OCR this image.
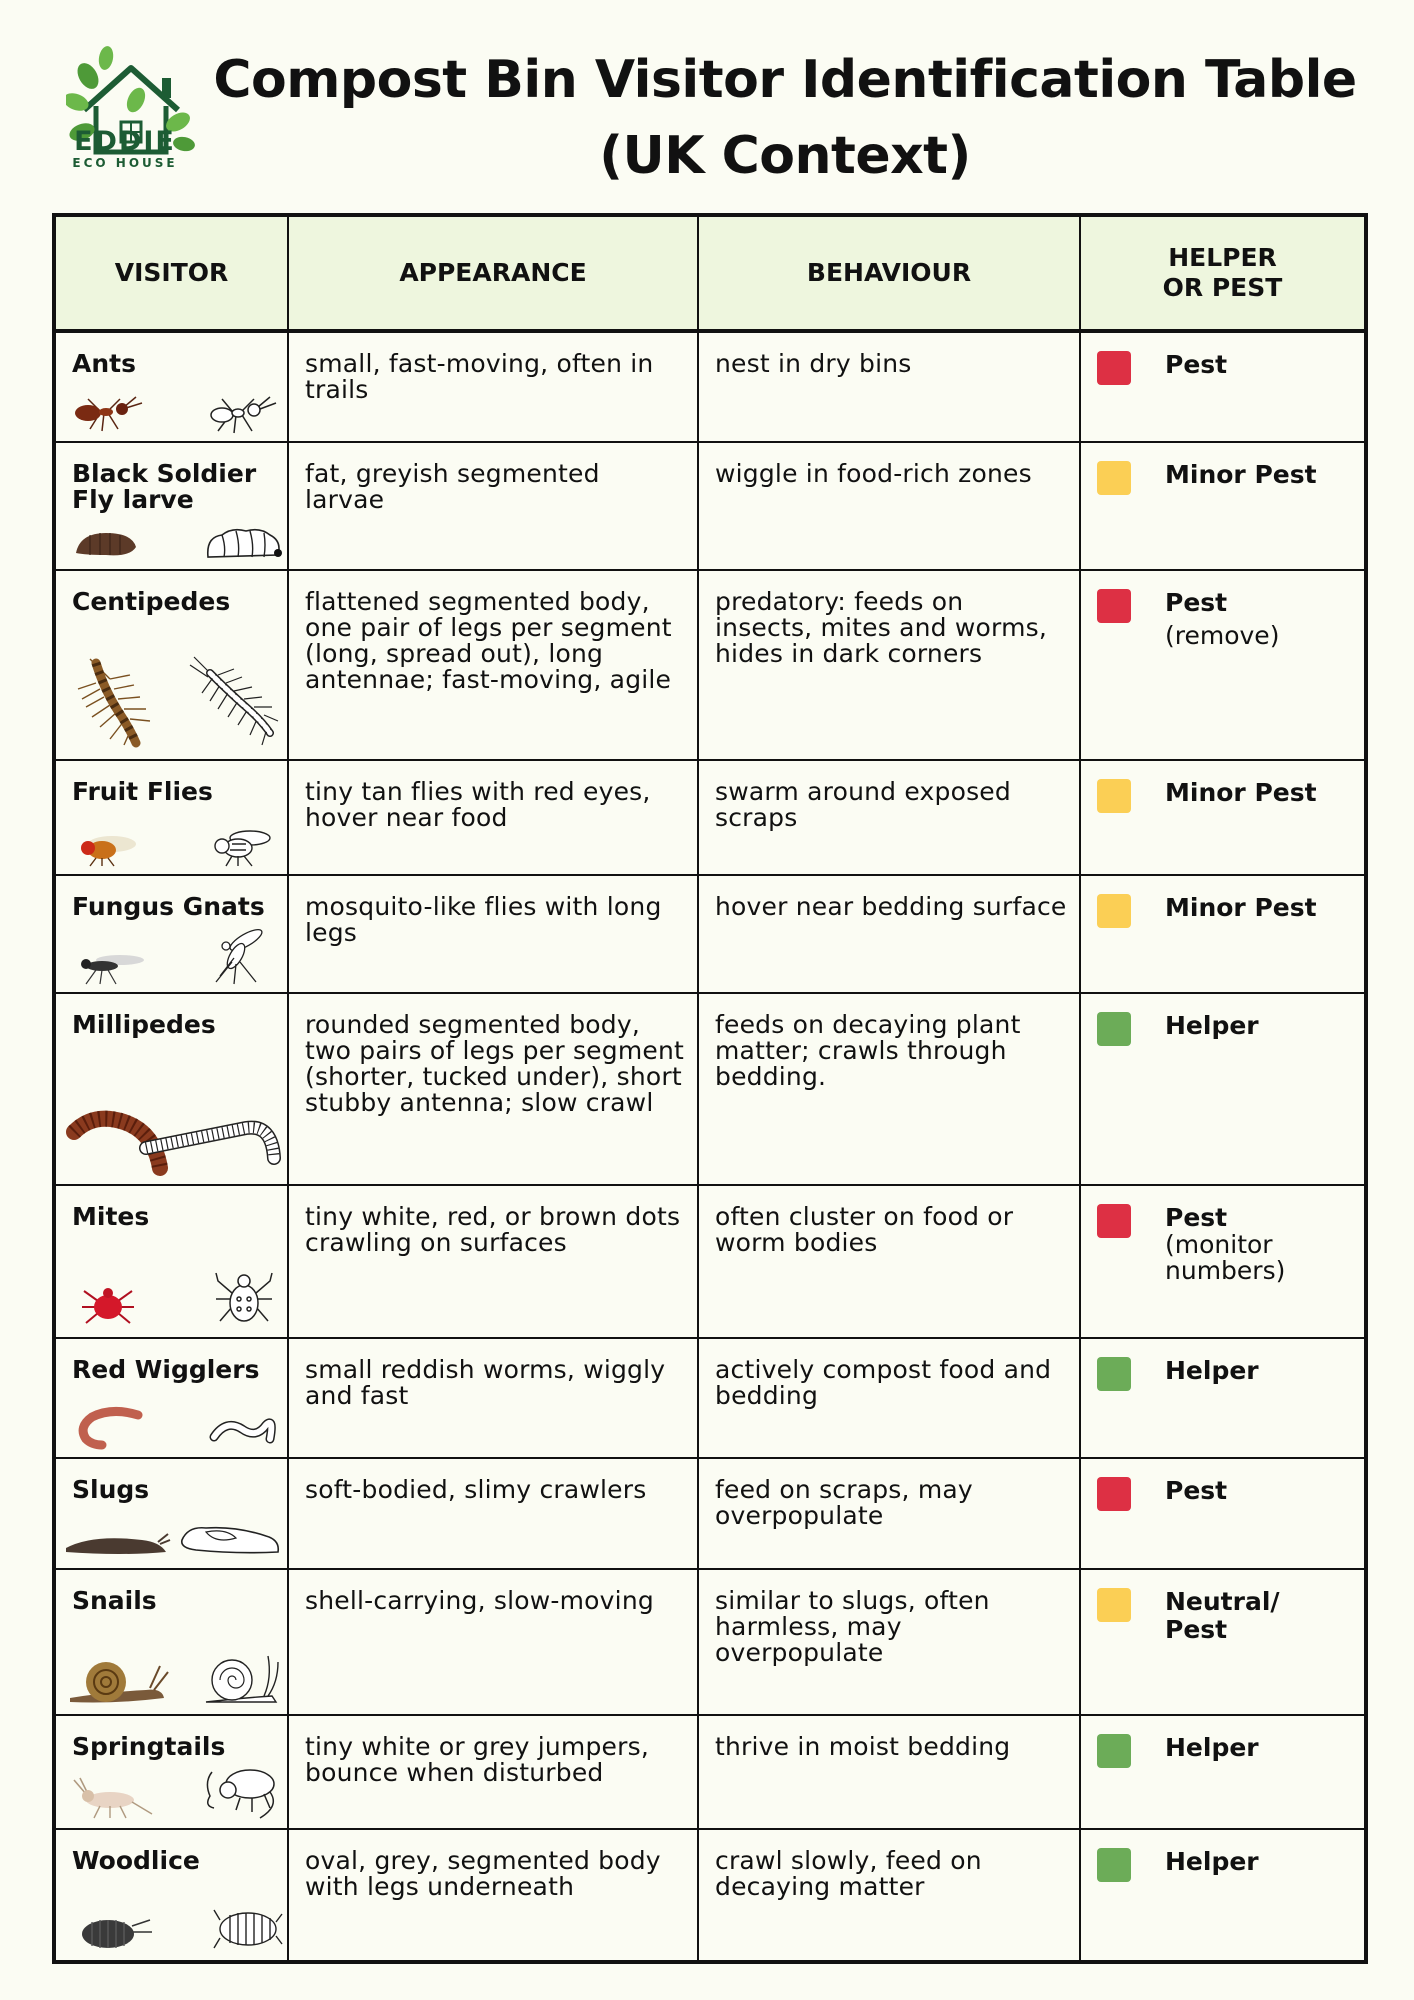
EDDIE
ECO HOUSE
Compost Bin Visitor Identification Table
(UK Context)
VISITOR	APPEARANCE	BEHAVIOUR	HELPER
OR PEST

Ants	small, fast-moving, often in trails	nest in dry bins	Pest

Black Soldier Fly larve	fat, greyish segmented larvae	wiggle in food-rich zones	Minor Pest

Centipedes	flattened segmented body, one pair of legs per segment (long, spread out), long antennae; fast-moving, agile	predatory: feeds on insects, mites and worms, hides in dark corners	Pest
(remove)

Fruit Flies	tiny tan flies with red eyes, hover near food	swarm around exposed scraps	Minor Pest

Fungus Gnats	mosquito-like flies with long legs	hover near bedding surface	Minor Pest

Millipedes	rounded segmented body, two pairs of legs per segment (shorter, tucked under), short stubby antenna; slow crawl	feeds on decaying plant matter; crawls through bedding.	Helper

Mites	tiny white, red, or brown dots crawling on surfaces	often cluster on food or worm bodies	Pest
(monitor numbers)

Red Wigglers	small reddish worms, wiggly and fast	actively compost food and bedding	Helper

Slugs	soft-bodied, slimy crawlers	feed on scraps, may overpopulate	Pest

Snails	shell-carrying, slow-moving	similar to slugs, often harmless, may overpopulate	Neutral/ Pest

Springtails	tiny white or grey jumpers, bounce when disturbed	thrive in moist bedding	Helper

Woodlice	oval, grey, segmented body with legs underneath	crawl slowly, feed on decaying matter	Helper
